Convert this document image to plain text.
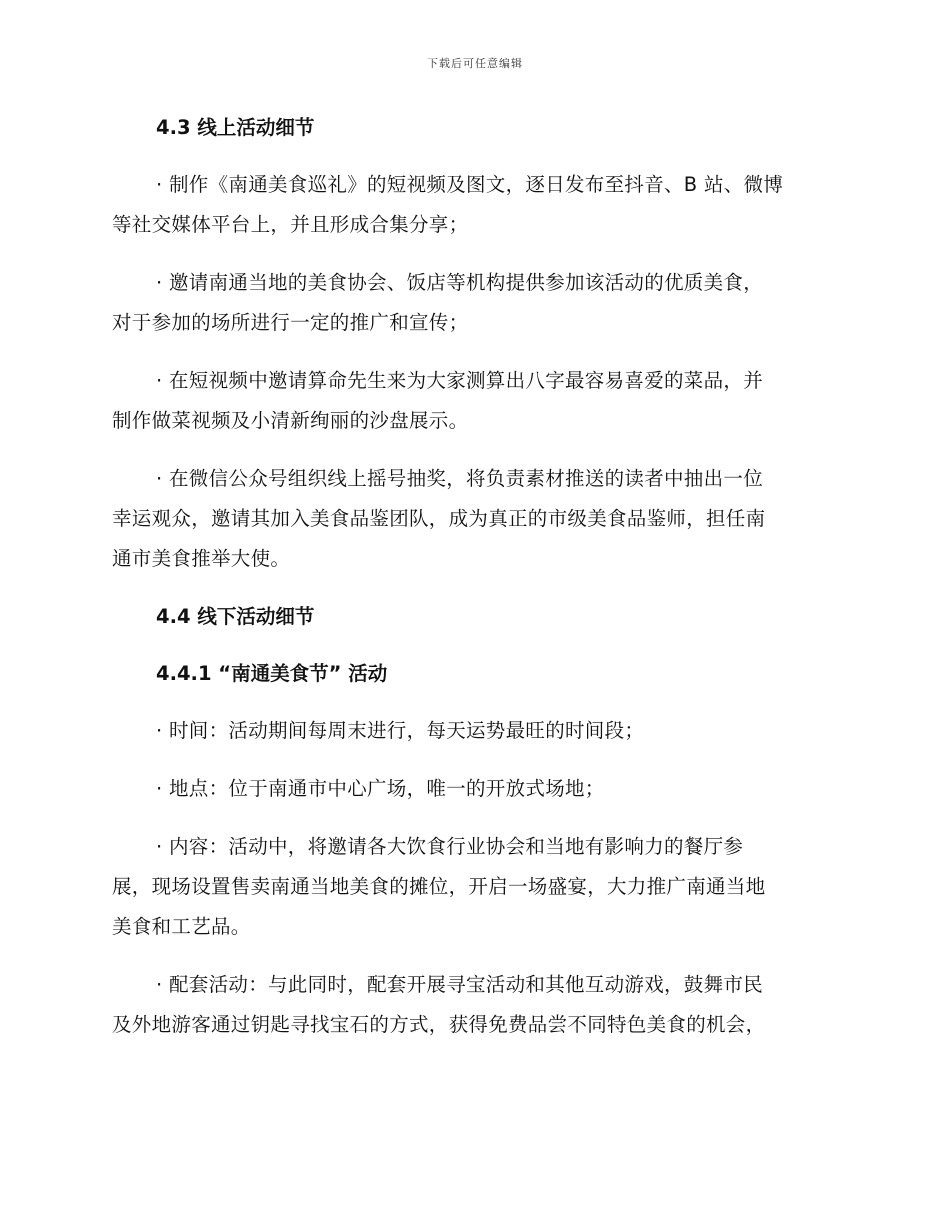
下载后可任意编辑
4.3 线上活动细节
· 制作《南通美食巡礼》的短视频及图文，逐日发布至抖音、B 站、微博
等社交媒体平台上，并且形成合集分享；
· 邀请南通当地的美食协会、饭店等机构提供参加该活动的优质美食，
对于参加的场所进行一定的推广和宣传；
· 在短视频中邀请算命先生来为大家测算出八字最容易喜爱的菜品，并
制作做菜视频及小清新绚丽的沙盘展示。
· 在微信公众号组织线上摇号抽奖，将负责素材推送的读者中抽出一位
幸运观众，邀请其加入美食品鉴团队，成为真正的市级美食品鉴师，担任南
通市美食推举大使。
4.4 线下活动细节
4.4.1 “南通美食节” 活动
· 时间：活动期间每周末进行，每天运势最旺的时间段；
· 地点：位于南通市中心广场，唯一的开放式场地；
· 内容：活动中，将邀请各大饮食行业协会和当地有影响力的餐厅参
展，现场设置售卖南通当地美食的摊位，开启一场盛宴，大力推广南通当地
美食和工艺品。
· 配套活动：与此同时，配套开展寻宝活动和其他互动游戏，鼓舞市民
及外地游客通过钥匙寻找宝石的方式，获得免费品尝不同特色美食的机会，
